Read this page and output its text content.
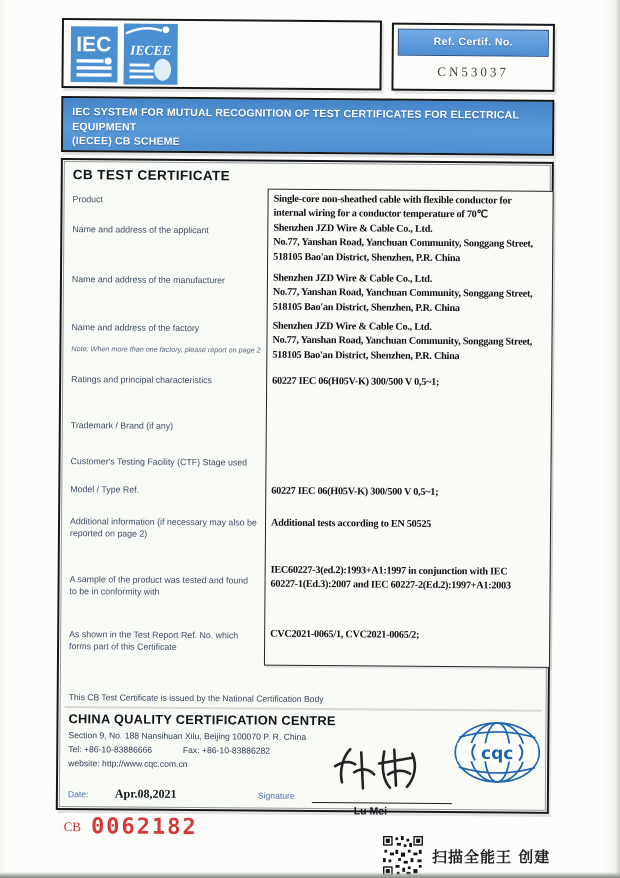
IEC IECEE
Ref. Certif. No.
CN53037
IEC SYSTEM FOR MUTUAL RECOGNITION OF TEST CERTIFICATES FOR ELECTRICAL EQUIPMENT
(IECEE) CB SCHEME
CB TEST CERTIFICATE
Product
Name and address of the applicant
Name and address of the manufacturer
Name and address of the factory
Note: When more than one factory, please report on page 2
Ratings and principal characteristics
Trademark / Brand (if any)
Customer's Testing Facility (CTF) Stage used
Model / Type Ref.
Additional information (if necessary may also be
reported on page 2)
A sample of the product was tested and found
to be in conformity with
As shown in the Test Report Ref. No. which
forms part of this Certificate
Single-core non-sheathed cable with flexible conductor for
internal wiring for a conductor temperature of 70℃
Shenzhen JZD Wire & Cable Co., Ltd.
No.77, Yanshan Road, Yanchuan Community, Songgang Street,
518105 Bao'an District, Shenzhen, P.R. China
Shenzhen JZD Wire & Cable Co., Ltd.
No.77, Yanshan Road, Yanchuan Community, Songgang Street,
518105 Bao'an District, Shenzhen, P.R. China
Shenzhen JZD Wire & Cable Co., Ltd.
No.77, Yanshan Road, Yanchuan Community, Songgang Street,
518105 Bao'an District, Shenzhen, P.R. China
60227 IEC 06(H05V-K) 300/500 V 0,5~1;
60227 IEC 06(H05V-K) 300/500 V 0,5~1;
Additional tests according to EN 50525
IEC60227-3(ed.2):1993+A1:1997 in conjunction with IEC
60227-1(Ed.3):2007 and IEC 60227-2(Ed.2):1997+A1:2003
CVC2021-0065/1, CVC2021-0065/2;
This CB Test Certificate is issued by the National Certification Body
CHINA QUALITY CERTIFICATION CENTRE
Section 9, No. 188 Nansihuan Xilu, Beijing 100070 P. R. China
Tel: +86-10-83886666	Fax: +86-10-83886282
website: http://www.cqc.com.cn
Date: Apr.08,2021	Signature
Lu Mei
cqc
CB 0062182
扫描全能王 创建
